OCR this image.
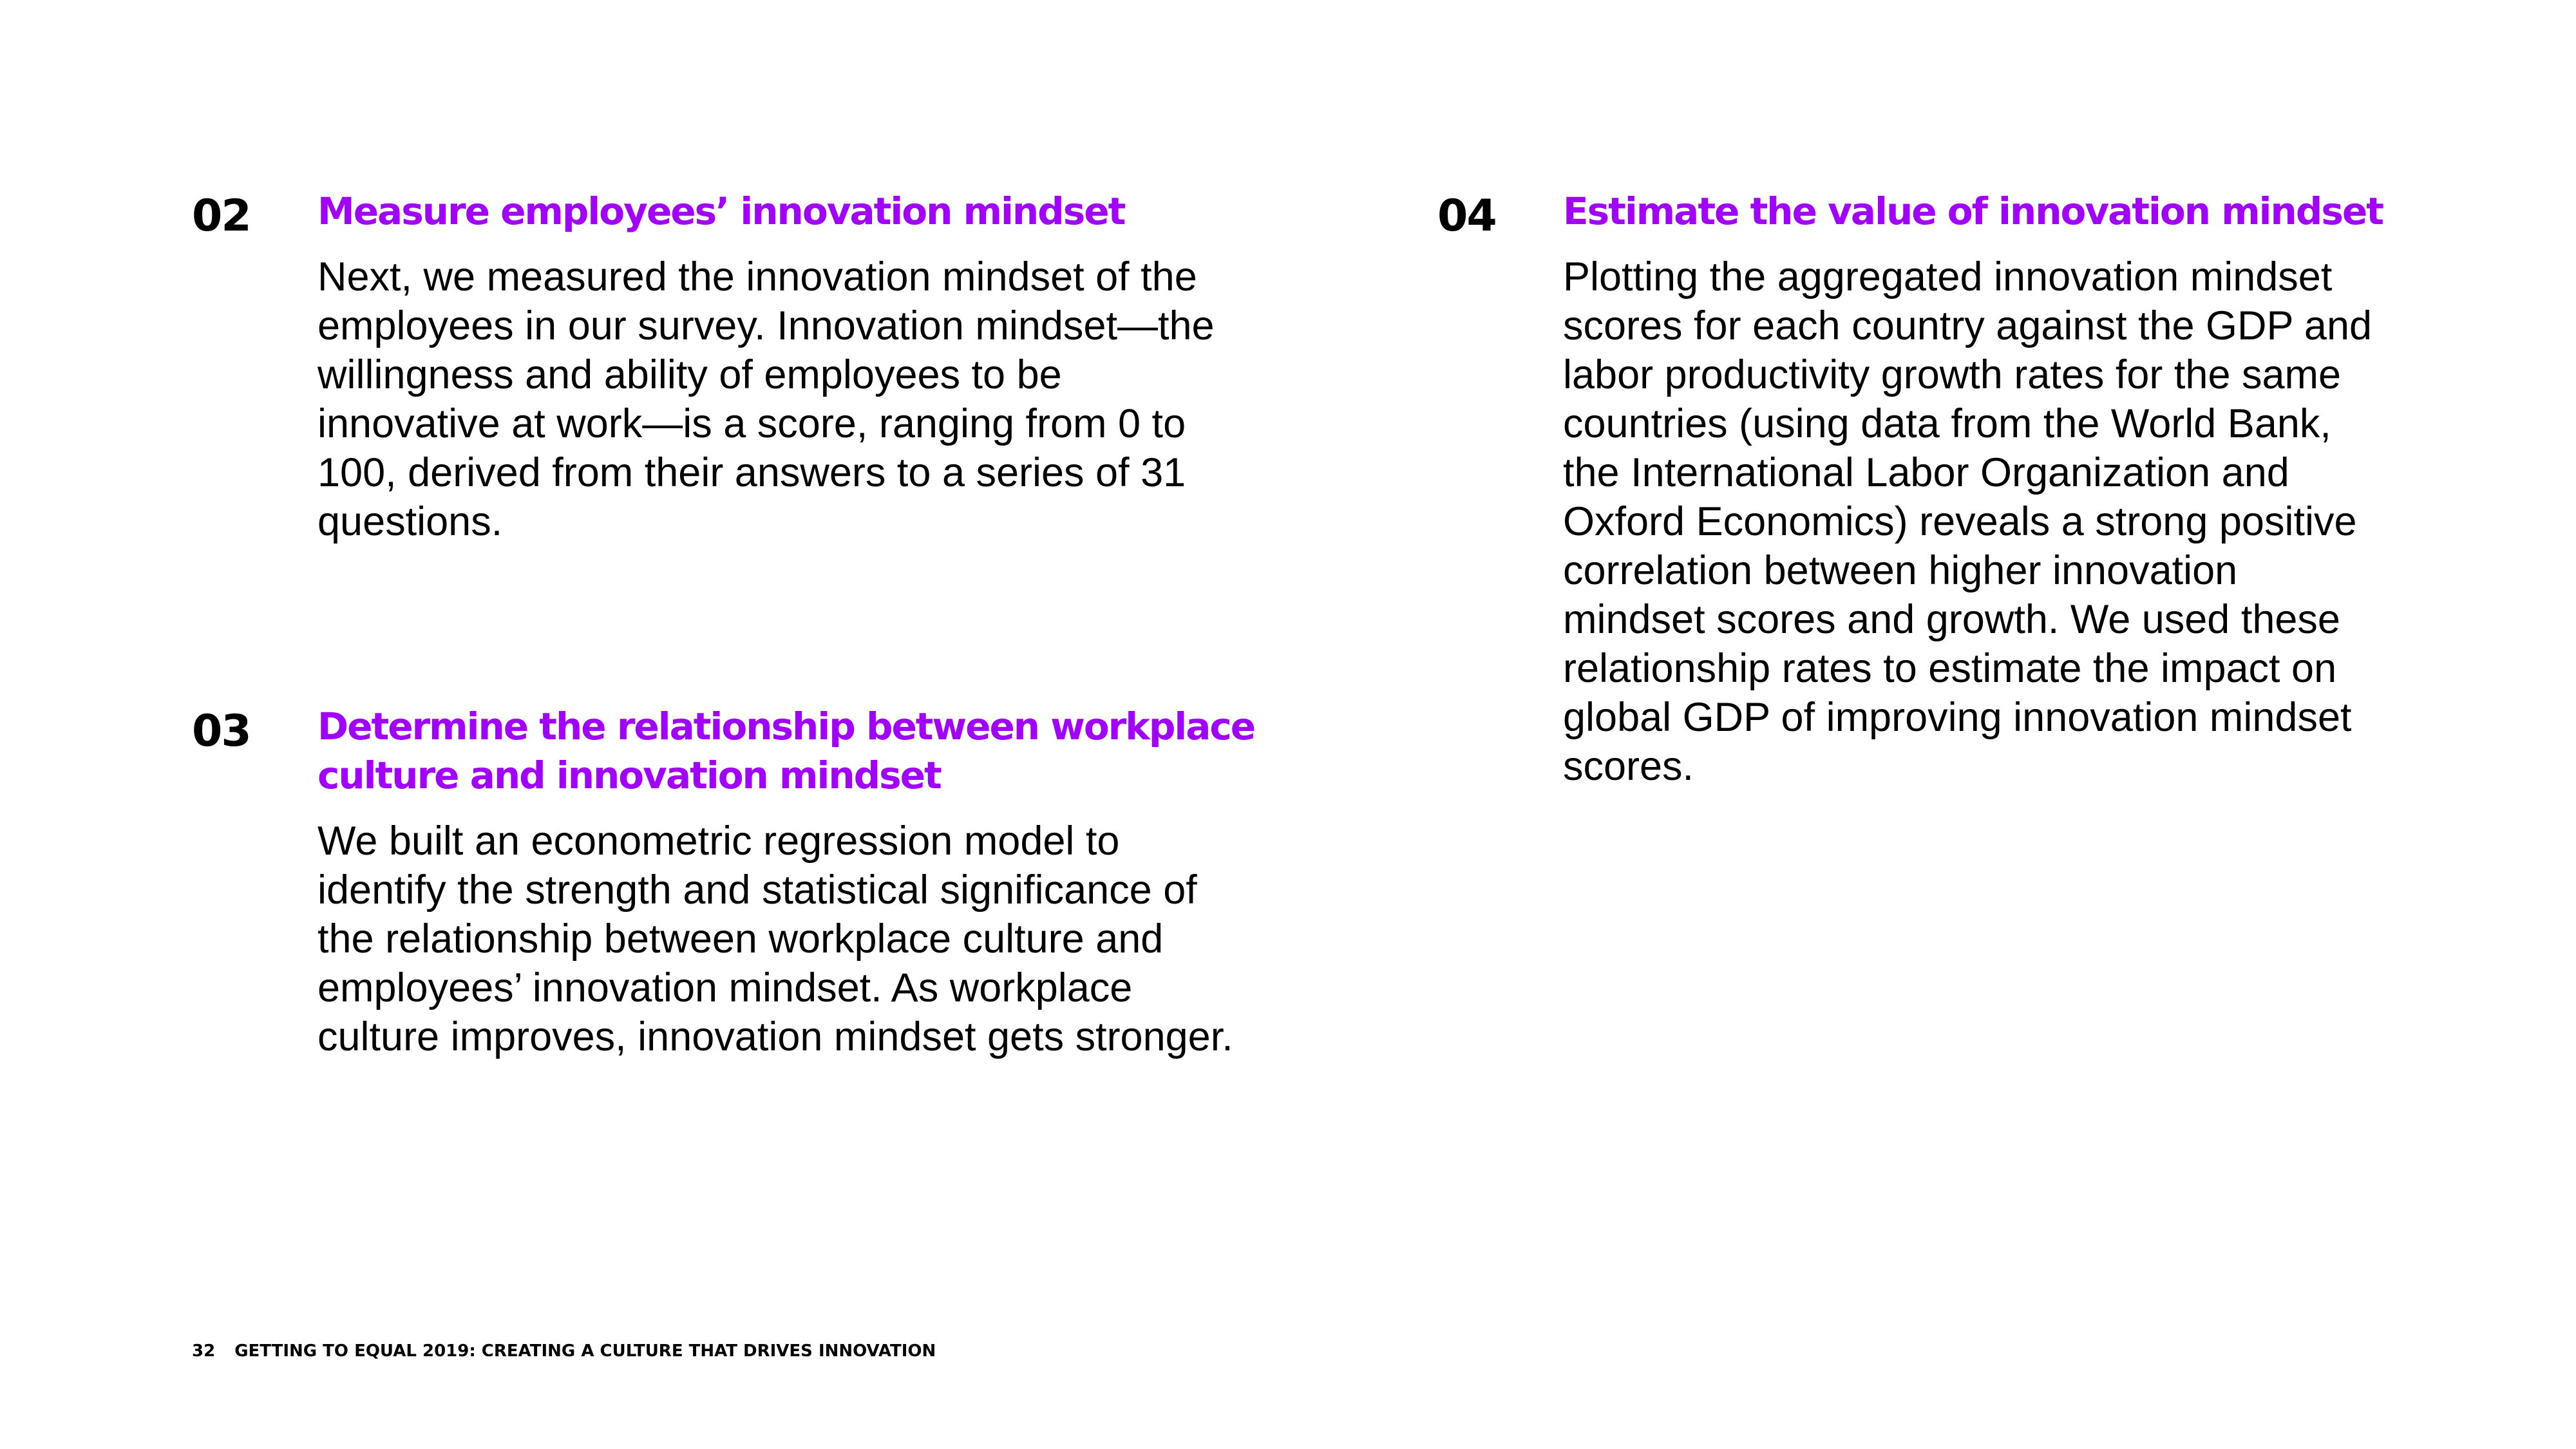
02 Measure employees’ innovation mindset

Next, we measured the innovation mindset of the
employees in our survey. Innovation mindset—the
willingness and ability of employees to be
innovative at work—is a score, ranging from 0 to
100, derived from their answers to a series of 31
questions.

03 Determine the relationship between workplace
culture and innovation mindset

We built an econometric regression model to
identify the strength and statistical significance of
the relationship between workplace culture and
employees’ innovation mindset. As workplace
culture improves, innovation mindset gets stronger.

04 Estimate the value of innovation mindset

Plotting the aggregated innovation mindset
scores for each country against the GDP and
labor productivity growth rates for the same
countries (using data from the World Bank,
the International Labor Organization and
Oxford Economics) reveals a strong positive
correlation between higher innovation
mindset scores and growth. We used these
relationship rates to estimate the impact on
global GDP of improving innovation mindset
scores.

32 GETTING TO EQUAL 2019: CREATING A CULTURE THAT DRIVES INNOVATION
